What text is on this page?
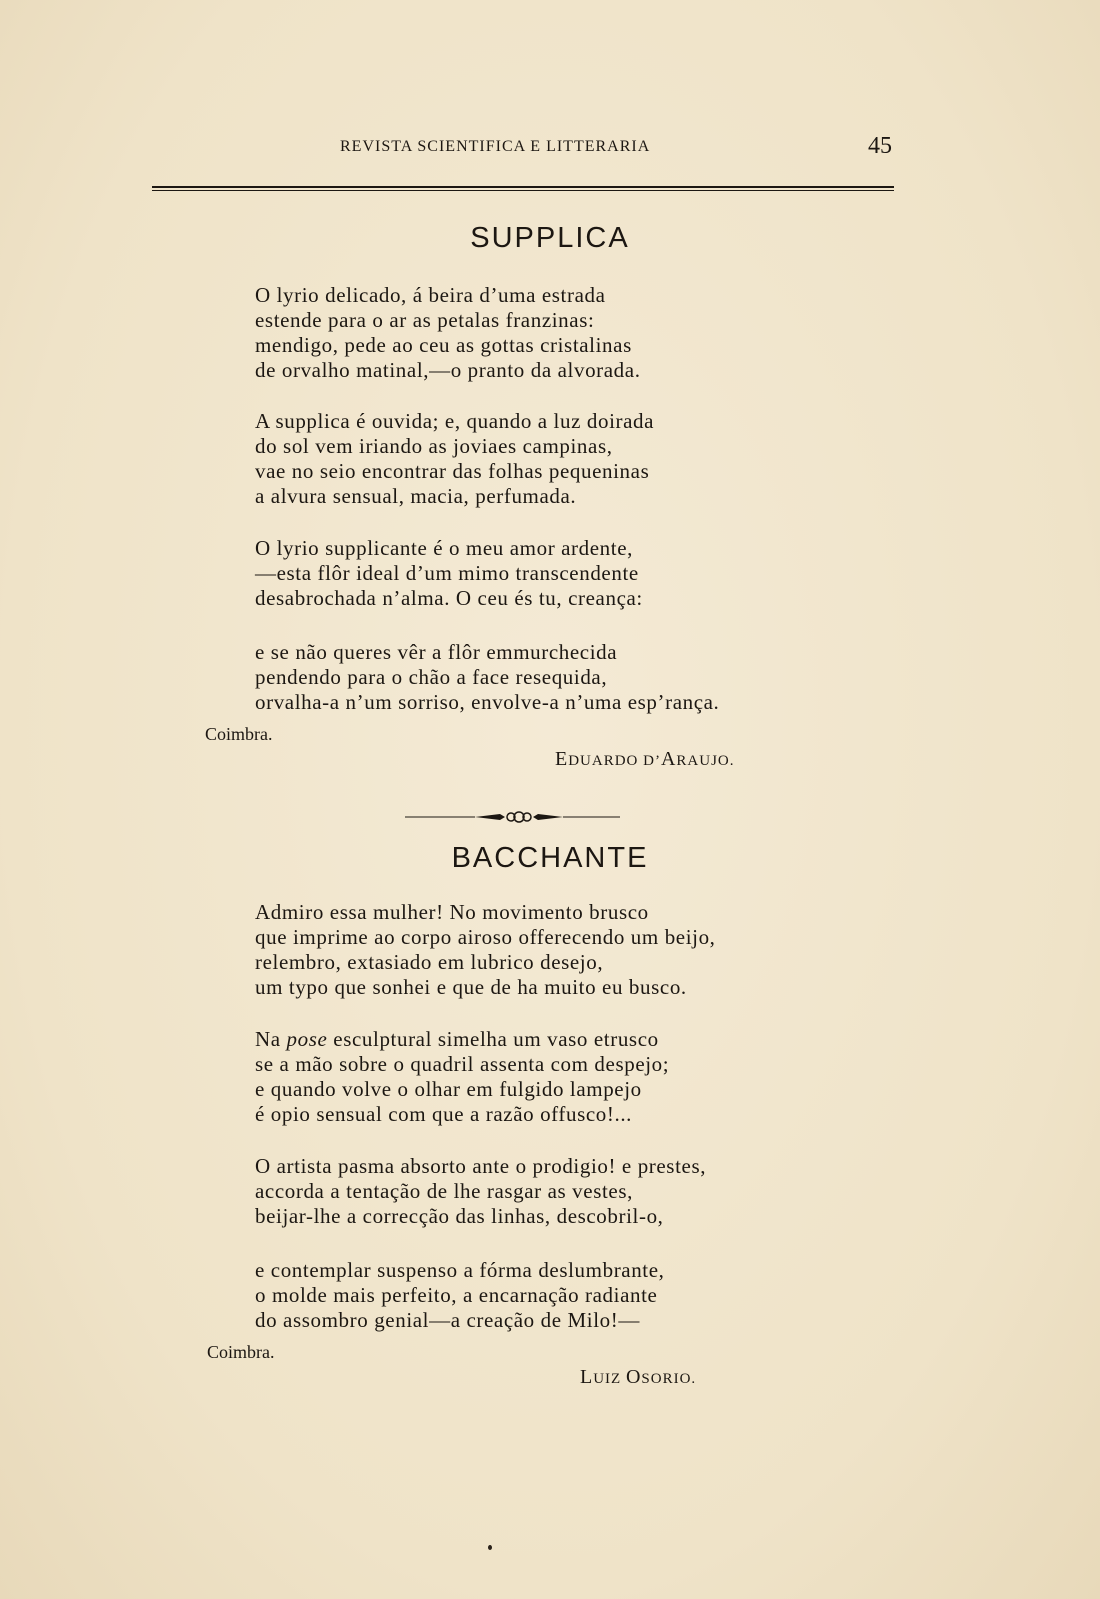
REVISTA SCIENTIFICA E LITTERARIA	45
SUPPLICA
O lyrio delicado, á beira d’uma estrada
estende para o ar as petalas franzinas:
mendigo, pede ao ceu as gottas cristalinas
de orvalho matinal,—o pranto da alvorada.
A supplica é ouvida; e, quando a luz doirada
do sol vem iriando as joviaes campinas,
vae no seio encontrar das folhas pequeninas
a alvura sensual, macia, perfumada.
O lyrio supplicante é o meu amor ardente,
—esta flôr ideal d’um mimo transcendente
desabrochada n’alma. O ceu és tu, creança:
e se não queres vêr a flôr emmurchecida
pendendo para o chão a face resequida,
orvalha-a n’um sorriso, envolve-a n’uma esp’rança.
Coimbra.
EDUARDO D’ARAUJO.
BACCHANTE
Admiro essa mulher! No movimento brusco
que imprime ao corpo airoso offerecendo um beijo,
relembro, extasiado em lubrico desejo,
um typo que sonhei e que de ha muito eu busco.
Na pose esculptural simelha um vaso etrusco
se a mão sobre o quadril assenta com despejo;
e quando volve o olhar em fulgido lampejo
é opio sensual com que a razão offusco!...
O artista pasma absorto ante o prodigio! e prestes,
accorda a tentação de lhe rasgar as vestes,
beijar-lhe a correcção das linhas, descobril-o,
e contemplar suspenso a fórma deslumbrante,
o molde mais perfeito, a encarnação radiante
do assombro genial—a creação de Milo!—
Coimbra.
LUIZ OSORIO.
